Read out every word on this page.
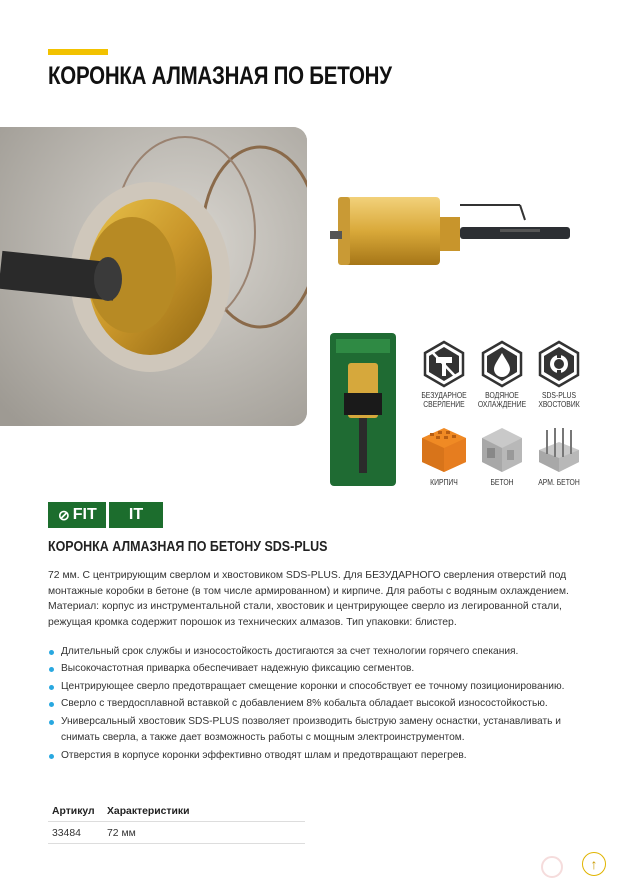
КОРОНКА АЛМАЗНАЯ ПО БЕТОНУ
БЕЗУДАРНОЕ
СВЕРЛЕНИЕ
ВОДЯНОЕ
ОХЛАЖДЕНИЕ
SDS-PLUS
ХВОСТОВИК
КИРПИЧ	БЕТОН	АРМ. БЕТОН
⊘ FIT IT
КОРОНКА АЛМАЗНАЯ ПО БЕТОНУ SDS-PLUS

72 мм. С центрирующим сверлом и хвостовиком SDS-PLUS. Для БЕЗУДАРНОГО сверления отверстий под монтажные коробки в бетоне (в том числе армированном) и кирпиче. Для работы с водяным охлаждением. Материал: корпус из инструментальной стали, хвостовик и центрирующее сверло из легированной стали, режущая кромка содержит порошок из технических алмазов. Тип упаковки: блистер.

Длительный срок службы и износостойкость достигаются за счет технологии горячего спекания.
Высокочастотная приварка обеспечивает надежную фиксацию сегментов.
Центрирующее сверло предотвращает смещение коронки и способствует ее точному позиционированию.
Сверло с твердосплавной вставкой с добавлением 8% кобальта обладает высокой износостойкостью.
Универсальный хвостовик SDS-PLUS позволяет производить быструю замену оснастки, устанавливать и снимать сверла, а также дает возможность работы с мощным электроинструментом.
Отверстия в корпусе коронки эффективно отводят шлам и предотвращают перегрев.
Артикул	Характеристики
33484	72 мм
↑
